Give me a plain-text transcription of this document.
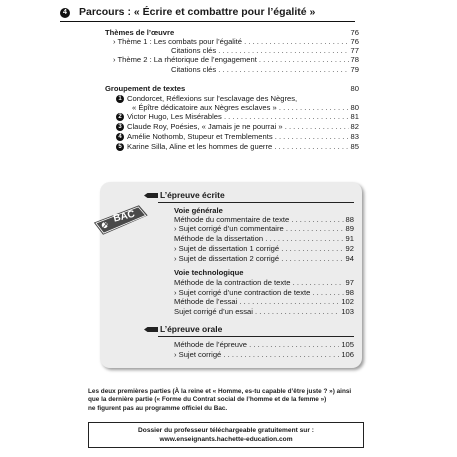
4 Parcours : « Écrire et combattre pour l’égalité »
Thèmes de l’œuvre	76
› Thème 1 : Les combats pour l’égalité . . .	76
Citations clés . . .	77
› Thème 2 : La rhétorique de l’engagement . . .	78
Citations clés . . .	79
Groupement de textes	80
1 Condorcet, Réflexions sur l’esclavage des Nègres,
« Épître dédicatoire aux Nègres esclaves » . . .	80
2 Victor Hugo, Les Misérables . . .	81
3 Claude Roy, Poésies, « Jamais je ne pourrai » . . .	82
4 Amélie Nothomb, Stupeur et Tremblements . . .	83
5 Karine Silla, Aline et les hommes de guerre . . .	85
BAC
L’épreuve écrite
Voie générale
Méthode du commentaire de texte . . .	88
› Sujet corrigé d’un commentaire . . .	89
Méthode de la dissertation . . .	91
› Sujet de dissertation 1 corrigé . . .	92
› Sujet de dissertation 2 corrigé . . .	94
Voie technologique
Méthode de la contraction de texte . . .	97
› Sujet corrigé d’une contraction de texte . . .	98
Méthode de l’essai . . .	102
Sujet corrigé d’un essai . . .	103
L’épreuve orale
Méthode de l’épreuve . . .	105
› Sujet corrigé . . .	106
Les deux premières parties (À la reine et « Homme, es-tu capable d’être juste ? ») ainsi
que la dernière partie (« Forme du Contrat social de l’homme et de la femme »)
ne figurent pas au programme officiel du Bac.
Dossier du professeur téléchargeable gratuitement sur :
www.enseignants.hachette-education.com
